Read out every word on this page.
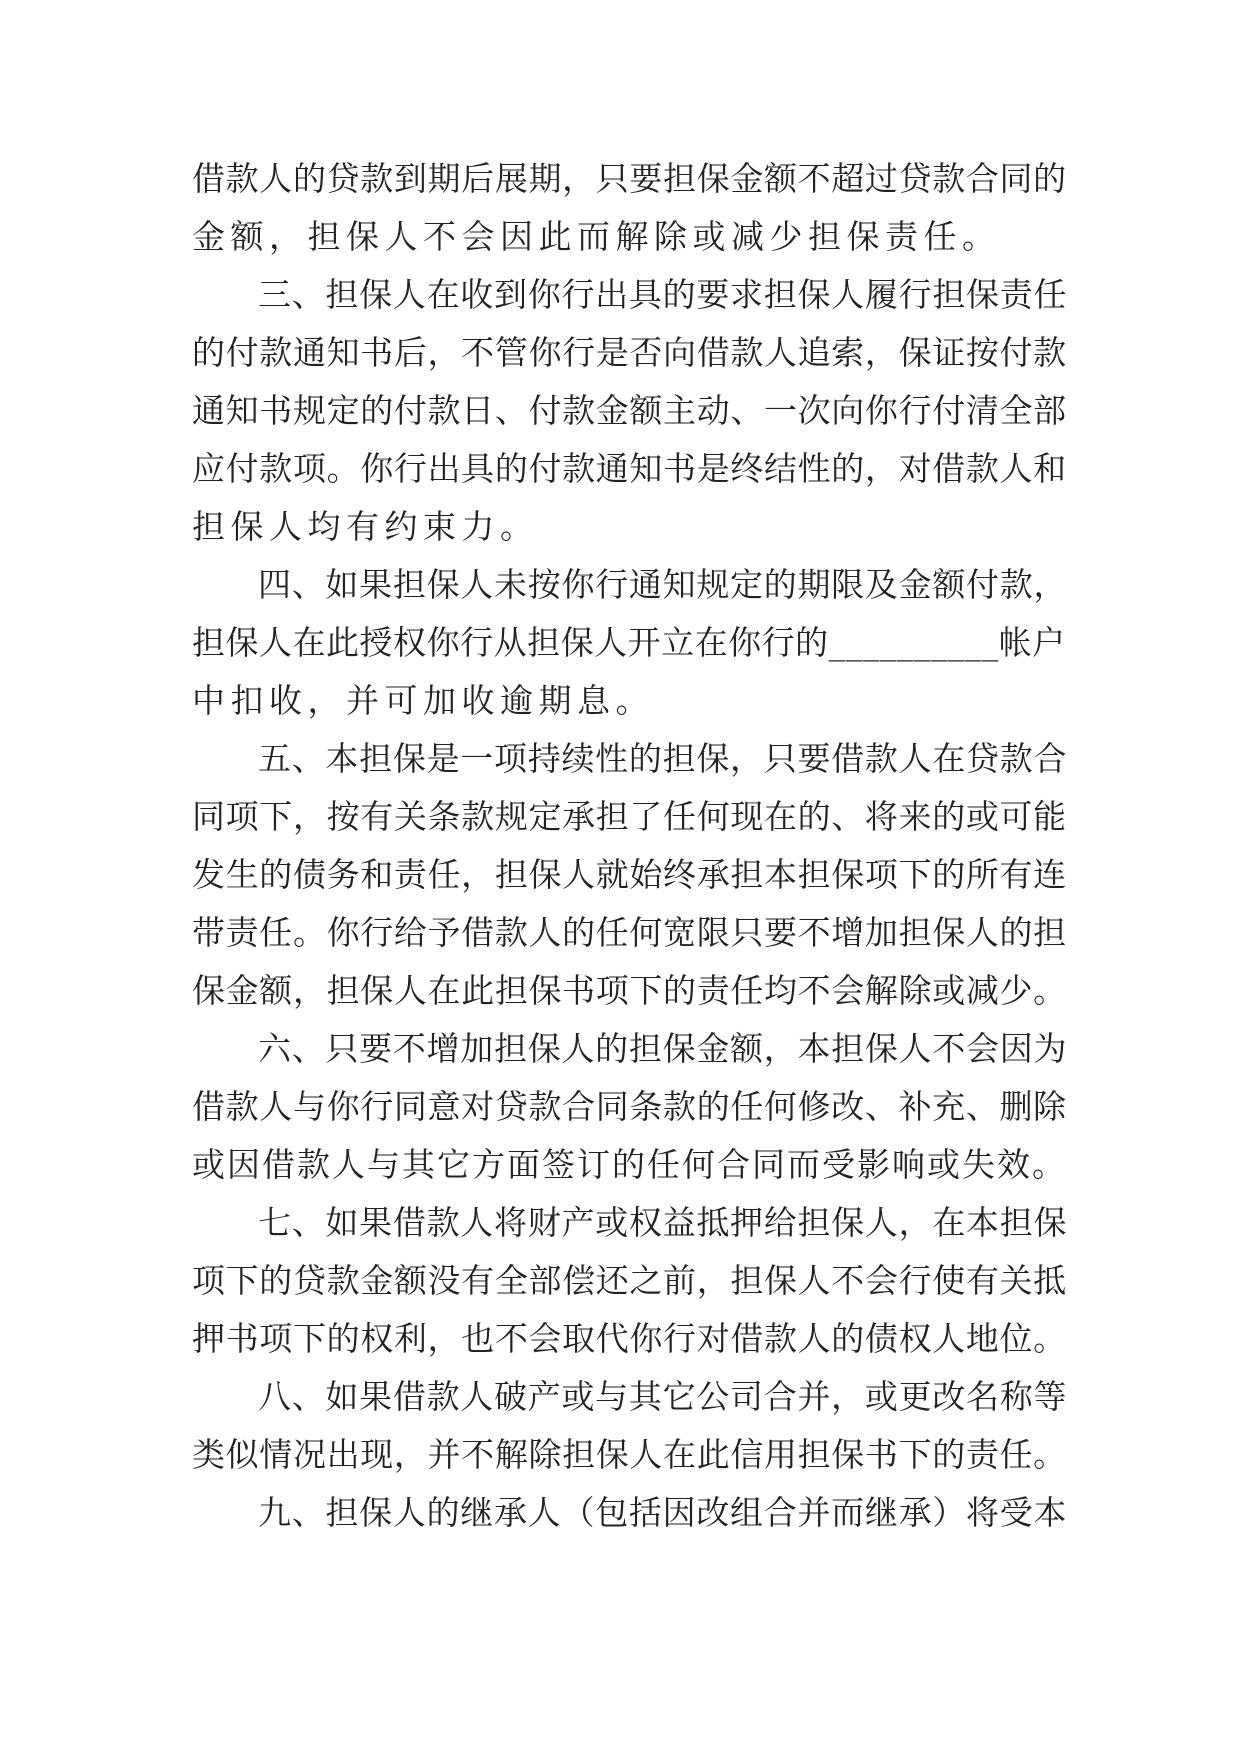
借款人的贷款到期后展期，只要担保金额不超过贷款合同的
金额，担保人不会因此而解除或减少担保责任。

三、担保人在收到你行出具的要求担保人履行担保责任
的付款通知书后，不管你行是否向借款人追索，保证按付款
通知书规定的付款日、付款金额主动、一次向你行付清全部
应付款项。你行出具的付款通知书是终结性的，对借款人和
担保人均有约束力。

四、如果担保人未按你行通知规定的期限及金额付款，
担保人在此授权你行从担保人开立在你行的__________帐户
中扣收，并可加收逾期息。

五、本担保是一项持续性的担保，只要借款人在贷款合
同项下，按有关条款规定承担了任何现在的、将来的或可能
发生的债务和责任，担保人就始终承担本担保项下的所有连
带责任。你行给予借款人的任何宽限只要不增加担保人的担
保金额，担保人在此担保书项下的责任均不会解除或减少。

六、只要不增加担保人的担保金额，本担保人不会因为
借款人与你行同意对贷款合同条款的任何修改、补充、删除
或因借款人与其它方面签订的任何合同而受影响或失效。

七、如果借款人将财产或权益抵押给担保人，在本担保
项下的贷款金额没有全部偿还之前，担保人不会行使有关抵
押书项下的权利，也不会取代你行对借款人的债权人地位。

八、如果借款人破产或与其它公司合并，或更改名称等
类似情况出现，并不解除担保人在此信用担保书下的责任。

九、担保人的继承人（包括因改组合并而继承）将受本
